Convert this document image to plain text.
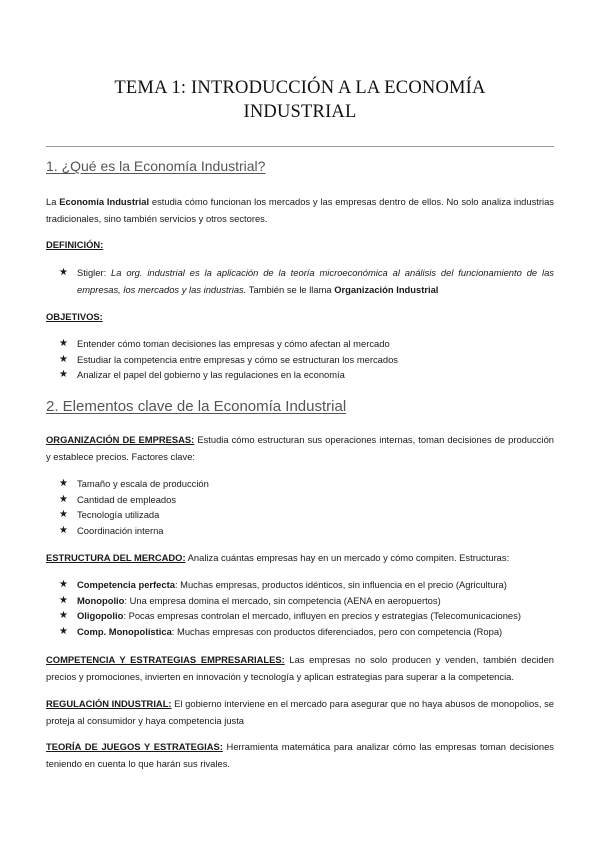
TEMA 1: INTRODUCCIÓN A LA ECONOMÍA
INDUSTRIAL
1. ¿Qué es la Economía Industrial?
La Economía Industrial estudia cómo funcionan los mercados y las empresas dentro de ellos. No solo analiza industrias tradicionales, sino también servicios y otros sectores.
DEFINICIÓN:
★ Stigler: La org. industrial es la aplicación de la teoría microeconómica al análisis del funcionamiento de las empresas, los mercados y las industrias. También se le llama Organización Industrial
OBJETIVOS:
★ Entender cómo toman decisiones las empresas y cómo afectan al mercado
★ Estudiar la competencia entre empresas y cómo se estructuran los mercados
★ Analizar el papel del gobierno y las regulaciones en la economía
2. Elementos clave de la Economía Industrial
ORGANIZACIÓN DE EMPRESAS: Estudia cómo estructuran sus operaciones internas, toman decisiones de producción y establece precios. Factores clave:
★ Tamaño y escala de producción
★ Cantidad de empleados
★ Tecnología utilizada
★ Coordinación interna
ESTRUCTURA DEL MERCADO: Analiza cuántas empresas hay en un mercado y cómo compiten. Estructuras:
★ Competencia perfecta: Muchas empresas, productos idénticos, sin influencia en el precio (Agricultura)
★ Monopolio: Una empresa domina el mercado, sin competencia (AENA en aeropuertos)
★ Oligopolio: Pocas empresas controlan el mercado, influyen en precios y estrategias (Telecomunicaciones)
★ Comp. Monopolística: Muchas empresas con productos diferenciados, pero con competencia (Ropa)
COMPETENCIA Y ESTRATEGIAS EMPRESARIALES: Las empresas no solo producen y venden, también deciden precios y promociones, invierten en innovación y tecnología y aplican estrategias para superar a la competencia.
REGULACIÓN INDUSTRIAL: El gobierno interviene en el mercado para asegurar que no haya abusos de monopolios, se proteja al consumidor y haya competencia justa
TEORÍA DE JUEGOS Y ESTRATEGIAS: Herramienta matemática para analizar cómo las empresas toman decisiones teniendo en cuenta lo que harán sus rivales.
